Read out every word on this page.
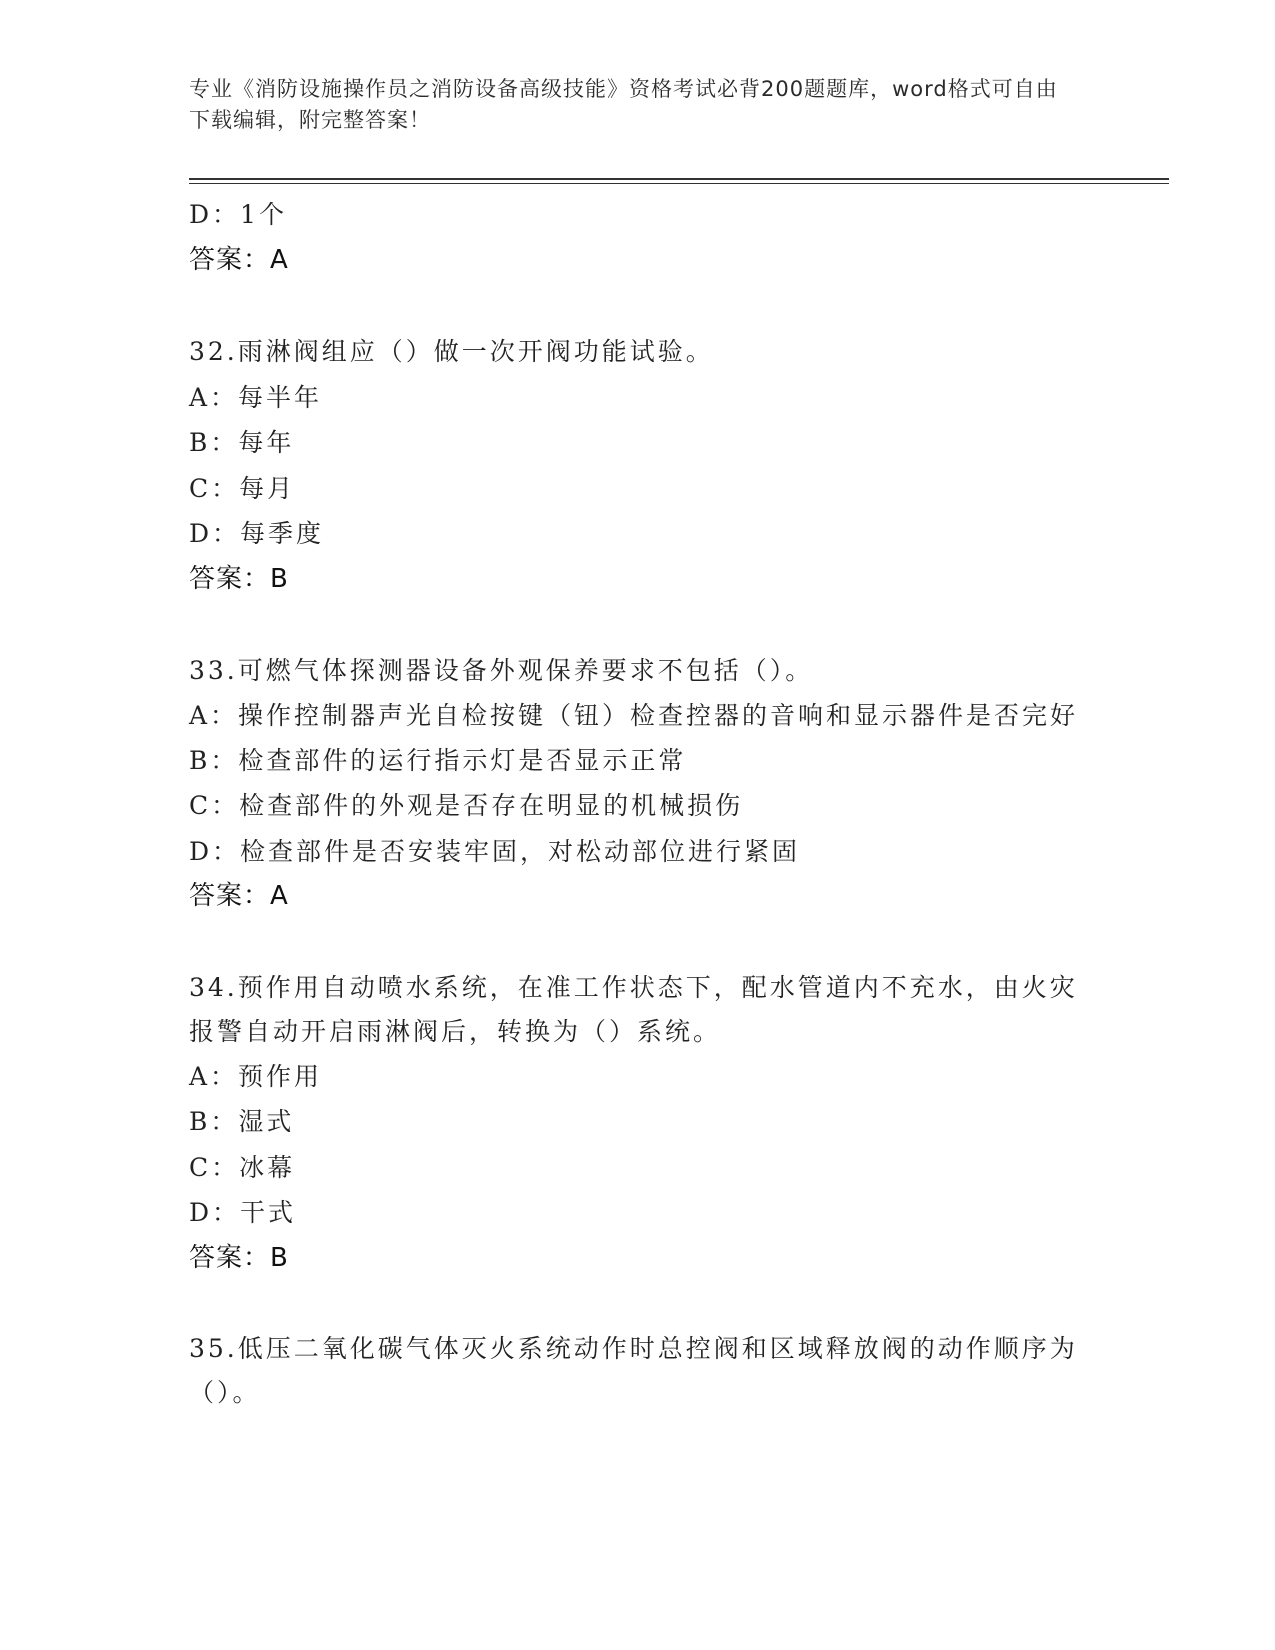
专业《消防设施操作员之消防设备高级技能》资格考试必背200题题库，word格式可自由下载编辑，附完整答案！
D：1个
答案：A
32.雨淋阀组应（）做一次开阀功能试验。
A：每半年
B：每年
C：每月
D：每季度
答案：B
33.可燃气体探测器设备外观保养要求不包括（）。
A：操作控制器声光自检按键（钮）检查控器的音响和显示器件是否完好
B：检查部件的运行指示灯是否显示正常
C：检查部件的外观是否存在明显的机械损伤
D：检查部件是否安装牢固，对松动部位进行紧固
答案：A
34.预作用自动喷水系统，在准工作状态下，配水管道内不充水，由火灾报警自动开启雨淋阀后，转换为（）系统。
A：预作用
B：湿式
C：冰幕
D：干式
答案：B
35.低压二氧化碳气体灭火系统动作时总控阀和区域释放阀的动作顺序为（）。
